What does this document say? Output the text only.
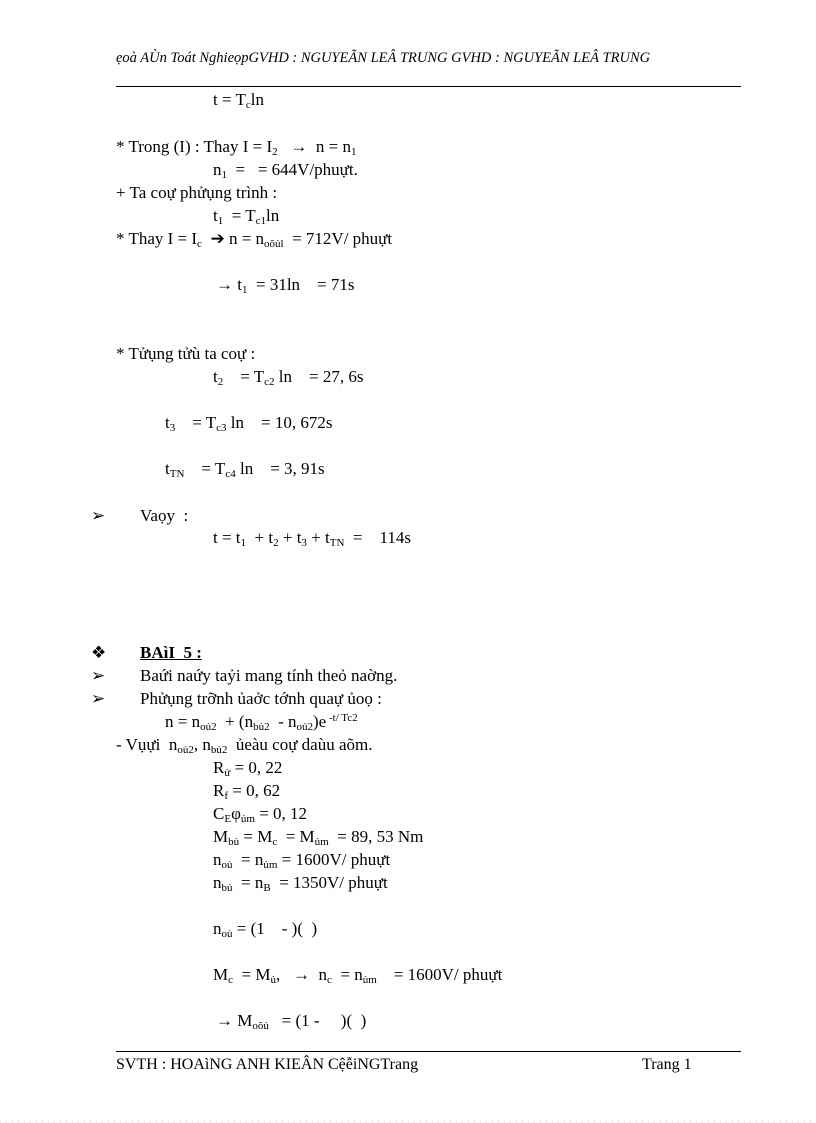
ẹoà AÙn Toát NghieọpGVHD : NGUYEÃN LEÂ TRUNG GVHD : NGUYEÃN LEÂ TRUNG
$t = T_c\ln$
* Trong (I) : Thay $I = I_2 \to n = n_1$
$n_1$  =   = 644V/phuựt.
+ Ta coự phửụng trình :
$t_1 = T_{c1}\ln$
* Thay $I = I_c$ ➔ $n = n_{oõủl} = 712V/$ phuựt
→ $t_1 = 31\ln$    = 71s
* Tửụng tửù ta coự :
$t_2$    = $T_{c2}$ ln    = 27, 6s
$t_3$    = $T_{c3}$ ln    = 10, 672s
$t_{TN}$    = $T_{c4}$ ln    = 3, 91s
➢ Vaọy  :
$t = t_1 + t_2 + t_3 + t_{TN}$  =    114s
❖ BAìI  5 :
➢ Baứi naứy taỷi mang tính theỏ naờng.
➢ Phửụng trỡnh ủaởc tớnh quaự ủoọ :
$n = n_{oủ2} + (n_{bủ2} - n_{oủ2})e$ $^{-t/ Tc2}$
- Vụựi  $n_{oủ2}$, $n_{bủ2}$  ủeàu coự daùu aõm.
$R_ử = 0$, 22
$R_f = 0$, 62
$C_E\varphi_{ủm} = 0$, 12
$M_{bủ} = M_c = M_{ủm} = 89$, 53 Nm
$n_{oủ} = n_{ủm} = 1600V/$ phuựt
$n_{bủ} = n_B = 1350V/$ phuựt
$n_{oủ} = (1$    - )(  )
$M_c = M_ủ$,   →  $n_c = n_{ủm}$    = 1600V/ phuựt
→ $M_{oõủ} = (1$ -     )(  )
SVTH : HOAìNG ANH KIEÂN CệễiNGTrang	Trang 1
